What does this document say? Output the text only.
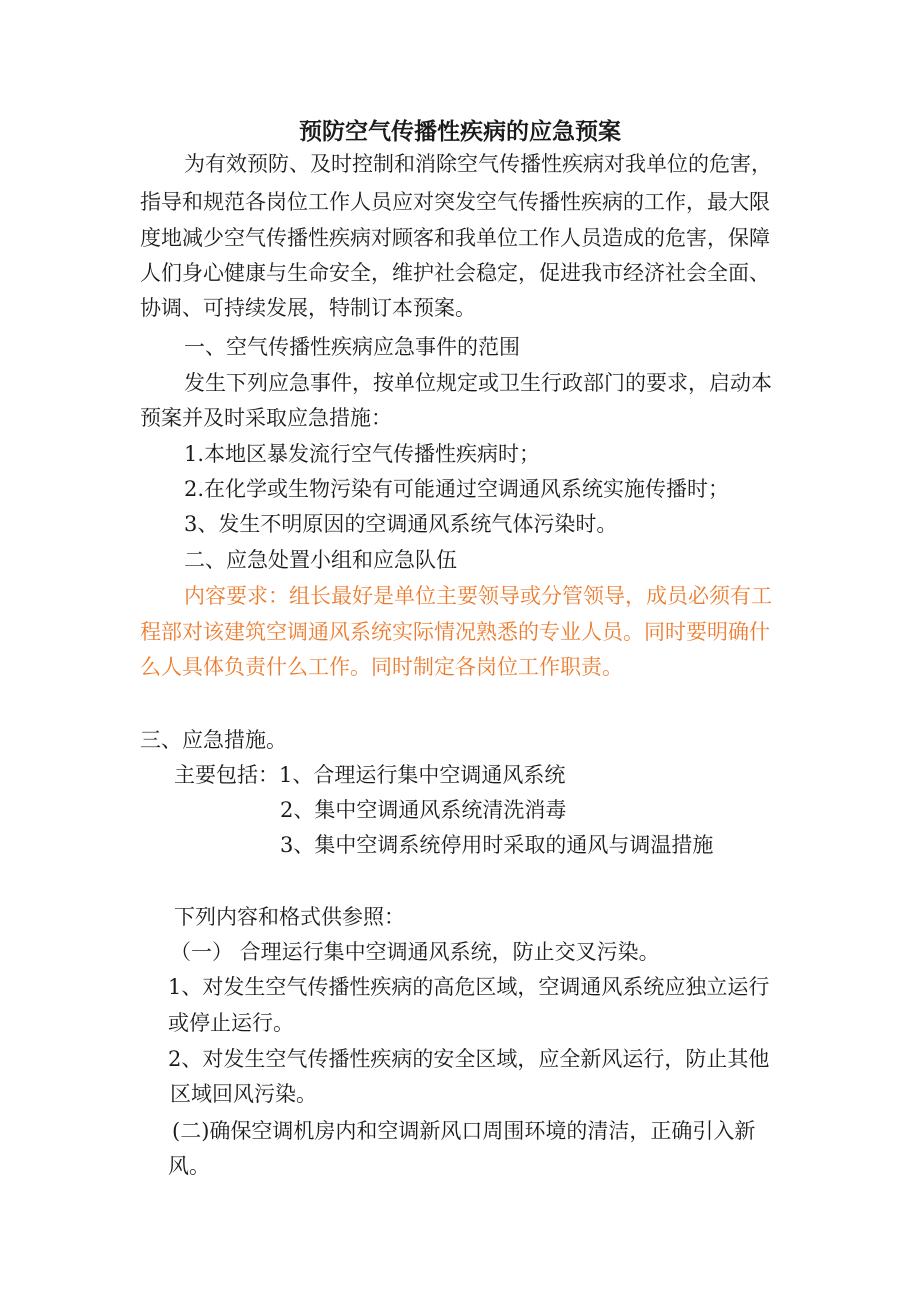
预防空气传播性疾病的应急预案
为有效预防、及时控制和消除空气传播性疾病对我单位的危害，
指导和规范各岗位工作人员应对突发空气传播性疾病的工作，最大限
度地减少空气传播性疾病对顾客和我单位工作人员造成的危害，保障
人们身心健康与生命安全，维护社会稳定，促进我市经济社会全面、
协调、可持续发展，特制订本预案。
一、空气传播性疾病应急事件的范围
发生下列应急事件，按单位规定或卫生行政部门的要求，启动本
预案并及时采取应急措施：
1.本地区暴发流行空气传播性疾病时；
2.在化学或生物污染有可能通过空调通风系统实施传播时；
3、发生不明原因的空调通风系统气体污染时。
二、应急处置小组和应急队伍
内容要求：组长最好是单位主要领导或分管领导，成员必须有工
程部对该建筑空调通风系统实际情况熟悉的专业人员。同时要明确什
么人具体负责什么工作。同时制定各岗位工作职责。
三、应急措施。
主要包括：1、合理运行集中空调通风系统
2、集中空调通风系统清洗消毒
3、集中空调系统停用时采取的通风与调温措施
下列内容和格式供参照：
（一） 合理运行集中空调通风系统，防止交叉污染。
1、对发生空气传播性疾病的高危区域，空调通风系统应独立运行
或停止运行。
2、对发生空气传播性疾病的安全区域，应全新风运行，防止其他
区域回风污染。
(二)确保空调机房内和空调新风口周围环境的清洁，正确引入新
风。
